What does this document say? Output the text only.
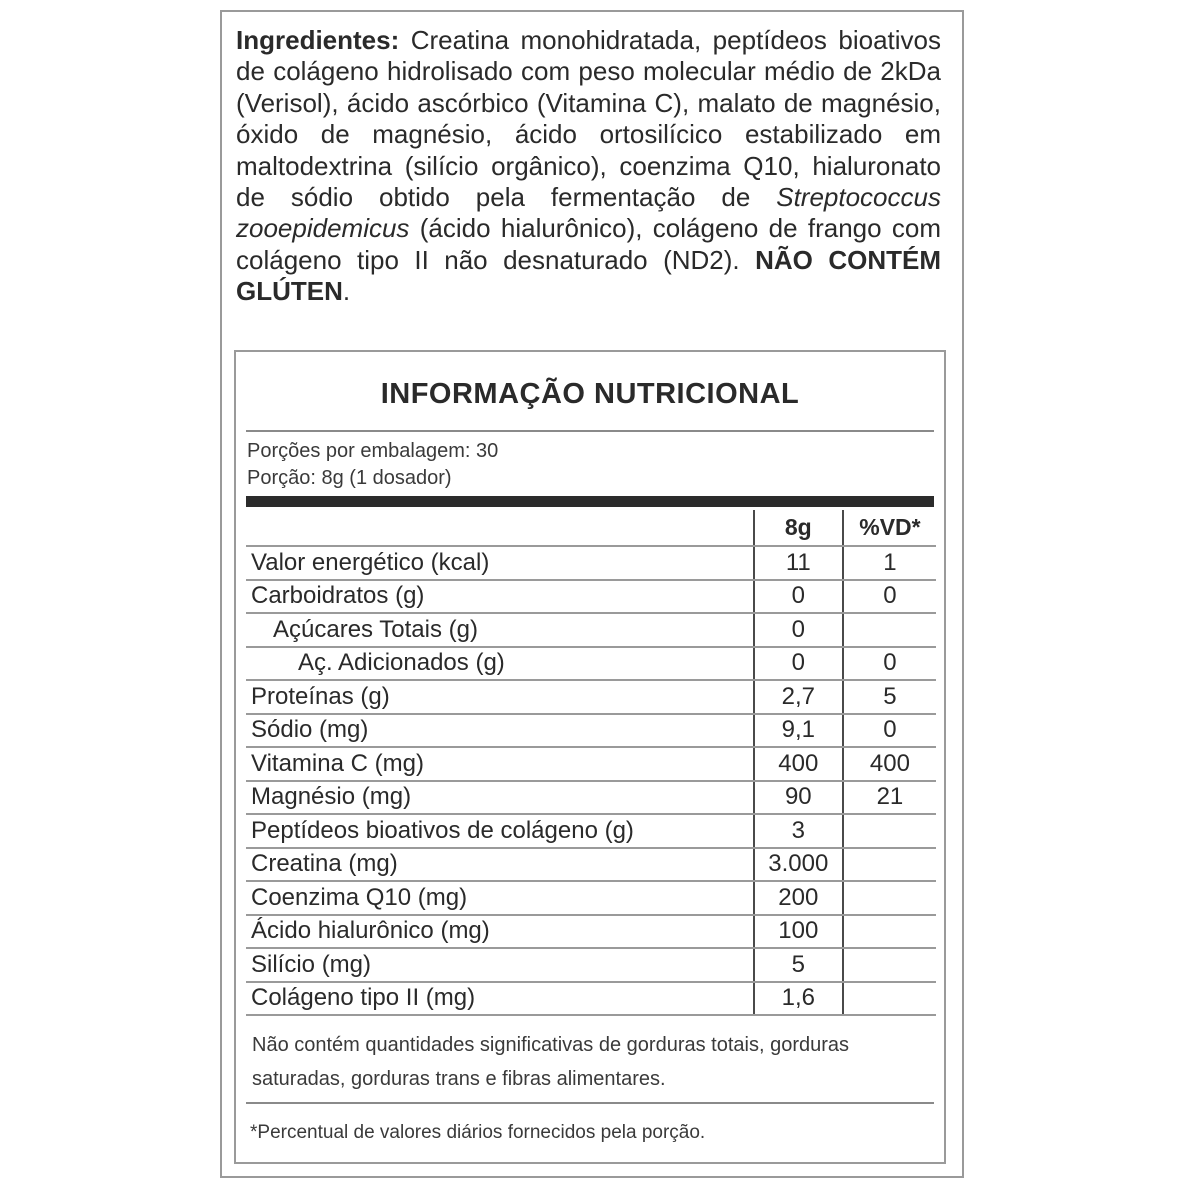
Ingredientes: Creatina monohidratada, peptídeos bioativos de colágeno hidrolisado com peso molecular médio de 2kDa (Verisol), ácido ascórbico (Vitamina C), malato de magnésio, óxido de magnésio, ácido ortosilícico estabilizado em maltodextrina (silício orgânico), coenzima Q10, hialuronato de sódio obtido pela fermentação de Streptococcus zooepidemicus (ácido hialurônico), colágeno de frango com colágeno tipo II não desnaturado (ND2). NÃO CONTÉM GLÚTEN.

INFORMAÇÃO NUTRICIONAL
Porções por embalagem: 30
Porção: 8g (1 dosador)
	8g	%VD*
Valor energético (kcal)	11	1
Carboidratos (g)	0	0
Açúcares Totais (g)	0	
Aç. Adicionados (g)	0	0
Proteínas (g)	2,7	5
Sódio (mg)	9,1	0
Vitamina C (mg)	400	400
Magnésio (mg)	90	21
Peptídeos bioativos de colágeno (g)	3	
Creatina (mg)	3.000	
Coenzima Q10 (mg)	200	
Ácido hialurônico (mg)	100	
Silício (mg)	5	
Colágeno tipo II (mg)	1,6	
Não contém quantidades significativas de gorduras totais, gorduras saturadas, gorduras trans e fibras alimentares.
*Percentual de valores diários fornecidos pela porção.
